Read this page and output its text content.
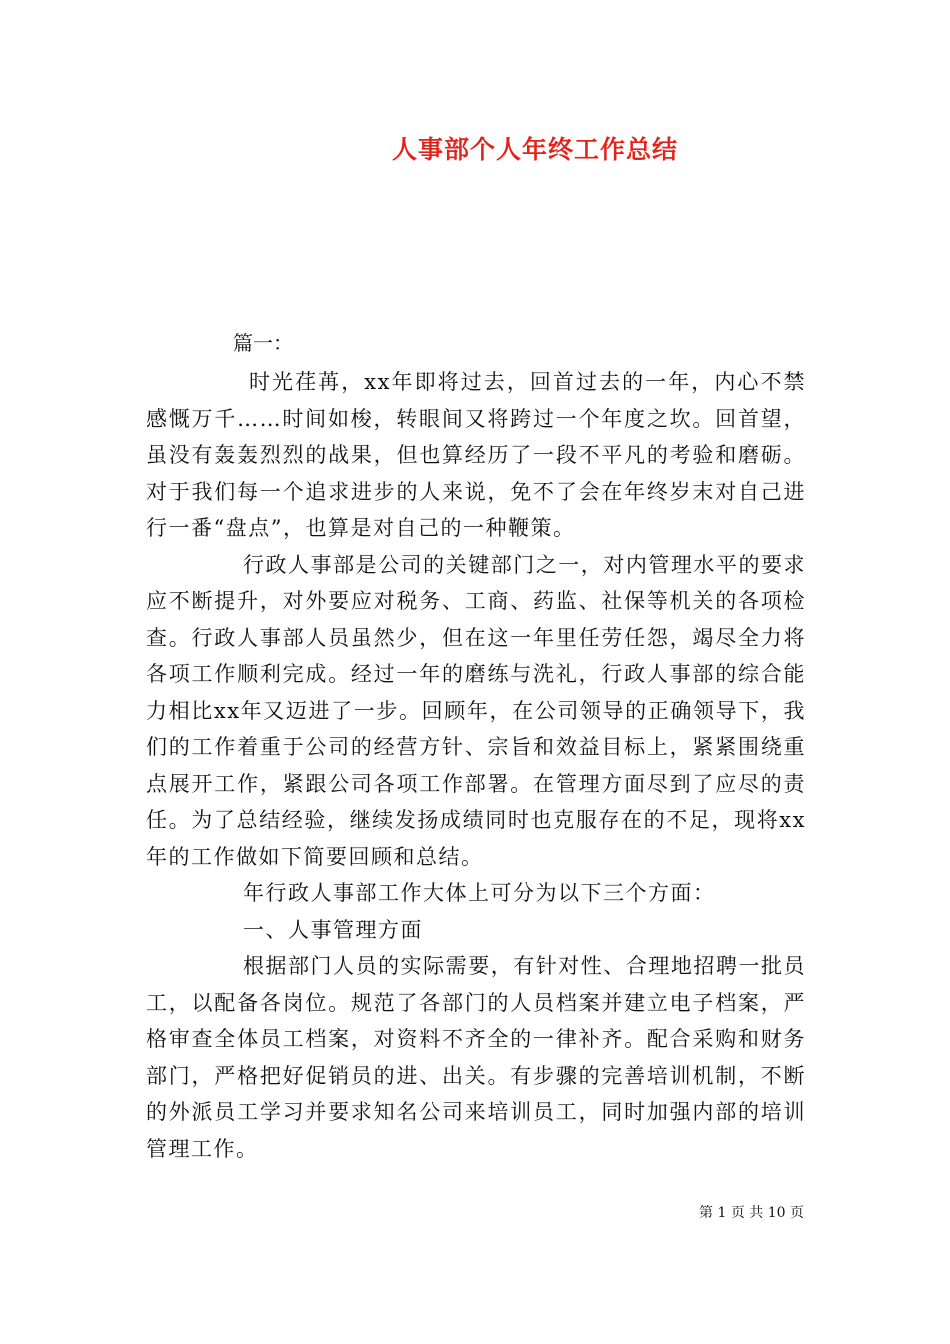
人事部个人年终工作总结
篇一：

时光荏苒，xx年即将过去，回首过去的一年，内心不禁感慨万千……时间如梭，转眼间又将跨过一个年度之坎。回首望，虽没有轰轰烈烈的战果，但也算经历了一段不平凡的考验和磨砺。对于我们每一个追求进步的人来说，免不了会在年终岁末对自己进行一番“盘点”，也算是对自己的一种鞭策。

行政人事部是公司的关键部门之一，对内管理水平的要求应不断提升，对外要应对税务、工商、药监、社保等机关的各项检查。行政人事部人员虽然少，但在这一年里任劳任怨，竭尽全力将各项工作顺利完成。经过一年的磨练与洗礼，行政人事部的综合能力相比xx年又迈进了一步。回顾年，在公司领导的正确领导下，我们的工作着重于公司的经营方针、宗旨和效益目标上，紧紧围绕重点展开工作，紧跟公司各项工作部署。在管理方面尽到了应尽的责任。为了总结经验，继续发扬成绩同时也克服存在的不足，现将xx年的工作做如下简要回顾和总结。

年行政人事部工作大体上可分为以下三个方面：

一、人事管理方面

根据部门人员的实际需要，有针对性、合理地招聘一批员工，以配备各岗位。规范了各部门的人员档案并建立电子档案，严格审查全体员工档案，对资料不齐全的一律补齐。配合采购和财务部门，严格把好促销员的进、出关。有步骤的完善培训机制，不断的外派员工学习并要求知名公司来培训员工，同时加强内部的培训管理工作。

第 1 页 共 10 页
